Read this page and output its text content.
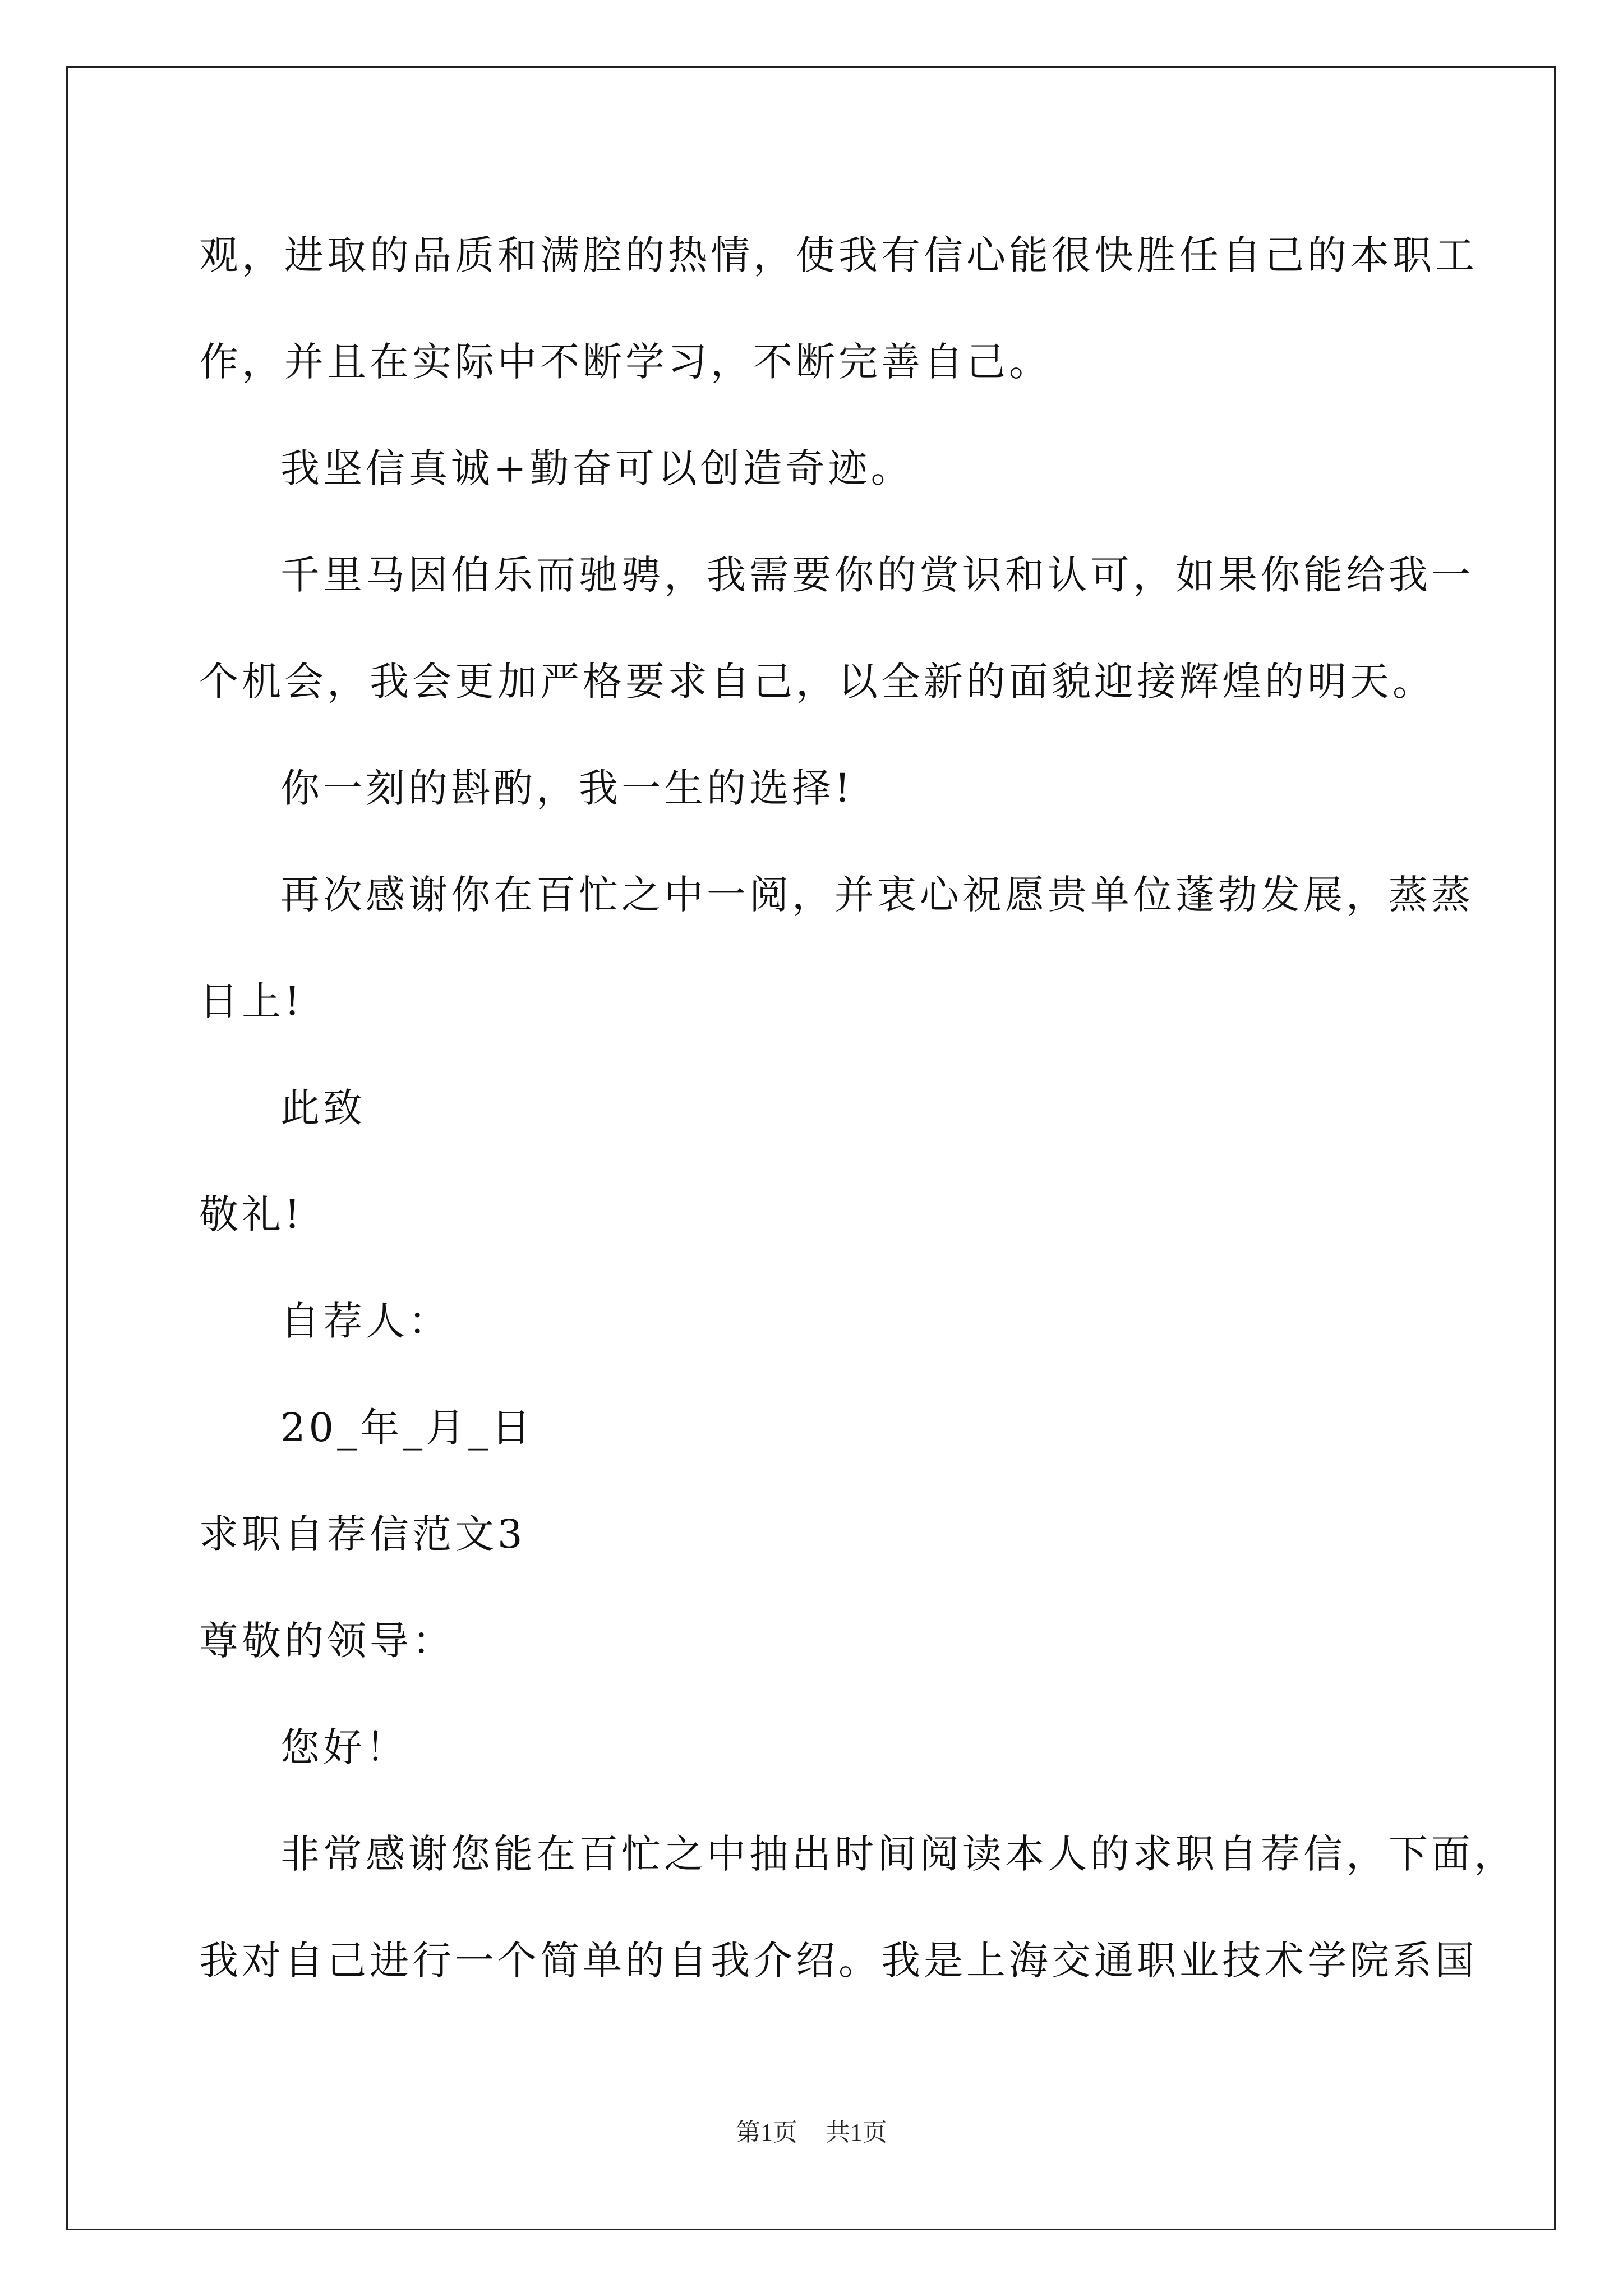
观，进取的品质和满腔的热情，使我有信心能很快胜任自己的本职工
作，并且在实际中不断学习，不断完善自己。
我坚信真诚+勤奋可以创造奇迹。
千里马因伯乐而驰骋，我需要你的赏识和认可，如果你能给我一
个机会，我会更加严格要求自己，以全新的面貌迎接辉煌的明天。
你一刻的斟酌，我一生的选择!
再次感谢你在百忙之中一阅，并衷心祝愿贵单位蓬勃发展，蒸蒸
日上!
此致
敬礼!
自荐人：
20_年_月_日
求职自荐信范文3
尊敬的领导：
您好！
非常感谢您能在百忙之中抽出时间阅读本人的求职自荐信，下面，
我对自己进行一个简单的自我介绍。我是上海交通职业技术学院系国
第1页 共1页
